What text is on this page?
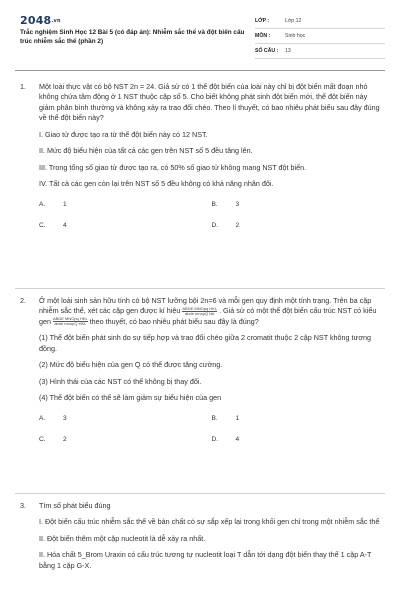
2048.vn
Trắc nghiệm Sinh Học 12 Bài 5 (có đáp án): Nhiễm sắc thể và đột biến cấu trúc nhiễm sắc thể (phần 2)
LỚP :	Lớp 12
MÔN :	Sinh học
SỐ CÂU :	13
1.	Một loài thực vật có bộ NST 2n = 24. Giả sử có 1 thể đột biến của loài này chỉ bị đột biến mất đoạn nhỏ không chứa tâm động ở 1 NST thuộc cặp số 5. Cho biết không phát sinh đột biến mới, thể đột biến này giảm phân bình thường và không xảy ra trao đổi chéo. Theo lí thuyết, có bao nhiêu phát biểu sau đây đúng về thể đột biến này?

I. Giao tử được tạo ra từ thể đột biến này có 12 NST.

II. Mức độ biểu hiện của tất cả các gen trên NST số 5 đều tăng lên.

III. Trong tổng số giao tử được tạo ra, có 50% số giao tử không mang NST đột biến.

IV. Tất cả các gen còn lại trên NST số 5 đều không có khả năng nhân đôi.

A.	1	B.	3
C.	4	D.	2
2.	Ở một loài sinh sản hữu tính có bộ NST lưỡng bội 2n=6 và mỗi gen quy định một tính trạng. Trên ba cặp nhiễm sắc thể, xét các cặp gen được kí hiệu $\frac{\text{ABDE MNOpq HKL}}{\text{abde mnopQ hkl}}$ . Giả sử có một thể đột biến cấu trúc NST có kiểu gen $\frac{\text{ABDE MNOpq HKL}}{\text{abde mnopQ HKL}}$ theo thuyết, có bao nhiêu phát biểu sau đây là đúng?

(1) Thể đột biến phát sinh do sự tiếp hợp và trao đổi chéo giữa 2 cromatit thuộc 2 cặp NST không tương đồng.

(2) Mức độ biểu hiện của gen Q có thể được tăng cường.

(3) Hình thái của các NST có thể không bị thay đổi.

(4) Thể đột biến có thể sẽ làm giảm sự biểu hiện của gen

A.	3	B.	1
C.	2	D.	4
3.	Tìm số phát biểu đúng

I. Đột biến cấu trúc nhiễm sắc thể về bản chất có sự sắp xếp lại trong khối gen chỉ trong một nhiễm sắc thể

II. Đột biến thêm một cặp nucleotit là dễ xảy ra nhất.

II. Hóa chất 5_Brom Uraxin có cấu trúc tương tự nucleotit loại T dẫn tới dạng đột biến thay thế 1 cặp A-T bằng 1 cặp G-X.
